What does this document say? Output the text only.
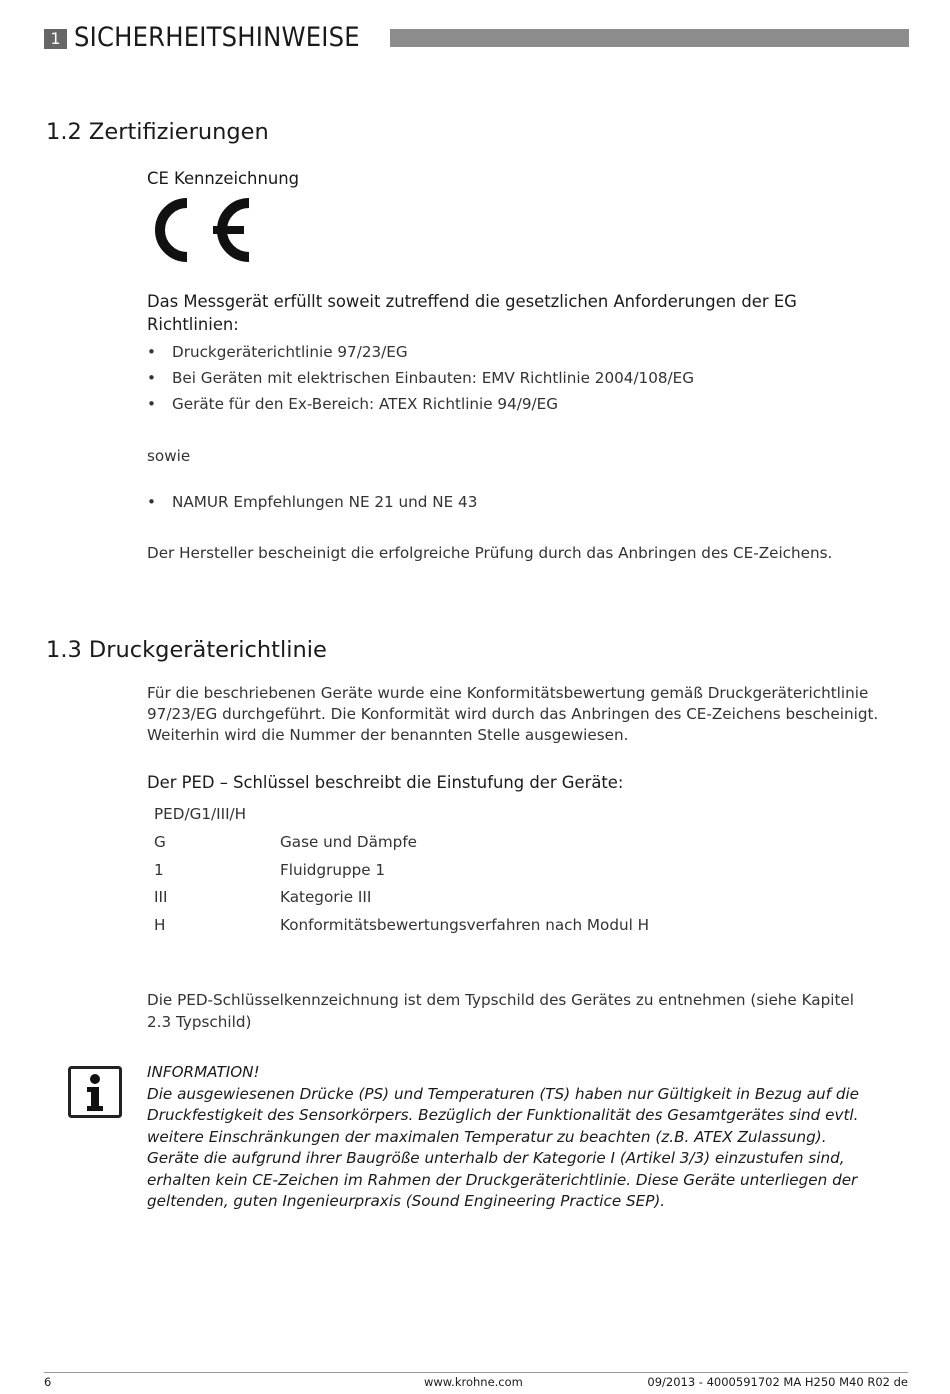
1 SICHERHEITSHINWEISE
H250 M40
1.2 Zertifizierungen
CE Kennzeichnung
Das Messgerät erfüllt soweit zutreffend die gesetzlichen Anforderungen der EG Richtlinien:
• Druckgeräterichtlinie 97/23/EG
• Bei Geräten mit elektrischen Einbauten: EMV Richtlinie 2004/108/EG
• Geräte für den Ex-Bereich: ATEX Richtlinie 94/9/EG
sowie
• NAMUR Empfehlungen NE 21 und NE 43
Der Hersteller bescheinigt die erfolgreiche Prüfung durch das Anbringen des CE-Zeichens.
1.3 Druckgeräterichtlinie
Für die beschriebenen Geräte wurde eine Konformitätsbewertung gemäß Druckgeräterichtlinie
97/23/EG durchgeführt. Die Konformität wird durch das Anbringen des CE-Zeichens bescheinigt.
Weiterhin wird die Nummer der benannten Stelle ausgewiesen.
Der PED – Schlüssel beschreibt die Einstufung der Geräte:
PED/G1/III/H
G	Gase und Dämpfe
1	Fluidgruppe 1
III	Kategorie III
H	Konformitätsbewertungsverfahren nach Modul H
Die PED-Schlüsselkennzeichnung ist dem Typschild des Gerätes zu entnehmen (siehe Kapitel
2.3 Typschild)
INFORMATION!
Die ausgewiesenen Drücke (PS) und Temperaturen (TS) haben nur Gültigkeit in Bezug auf die
Druckfestigkeit des Sensorkörpers. Bezüglich der Funktionalität des Gesamtgerätes sind evtl.
weitere Einschränkungen der maximalen Temperatur zu beachten (z.B. ATEX Zulassung).
Geräte die aufgrund ihrer Baugröße unterhalb der Kategorie I (Artikel 3/3) einzustufen sind,
erhalten kein CE-Zeichen im Rahmen der Druckgeräterichtlinie. Diese Geräte unterliegen der
geltenden, guten Ingenieurpraxis (Sound Engineering Practice SEP).
6	www.krohne.com	09/2013 - 4000591702 MA H250 M40 R02 de
